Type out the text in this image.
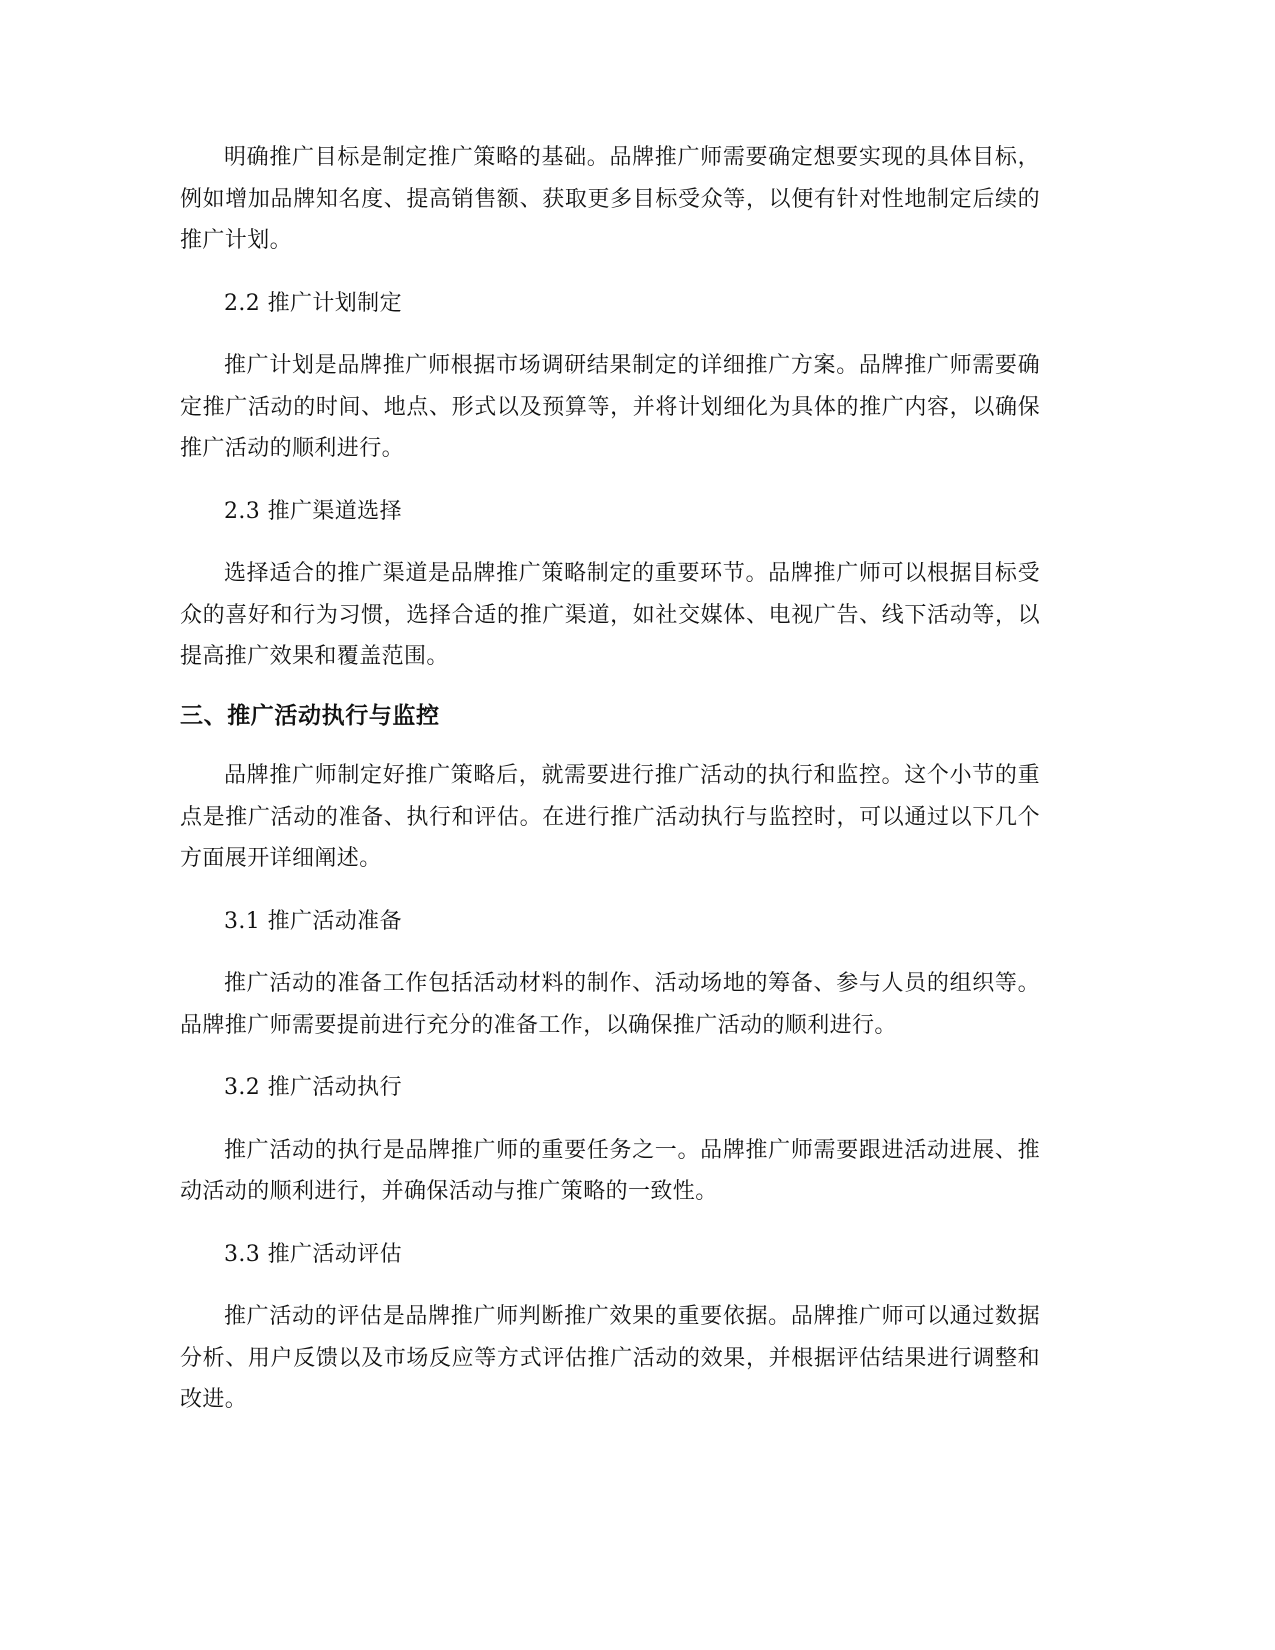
明确推广目标是制定推广策略的基础。品牌推广师需要确定想要实现的具体目标，例如增加品牌知名度、提高销售额、获取更多目标受众等，以便有针对性地制定后续的推广计划。

2.2 推广计划制定

推广计划是品牌推广师根据市场调研结果制定的详细推广方案。品牌推广师需要确定推广活动的时间、地点、形式以及预算等，并将计划细化为具体的推广内容，以确保推广活动的顺利进行。

2.3 推广渠道选择

选择适合的推广渠道是品牌推广策略制定的重要环节。品牌推广师可以根据目标受众的喜好和行为习惯，选择合适的推广渠道，如社交媒体、电视广告、线下活动等，以提高推广效果和覆盖范围。

三、推广活动执行与监控

品牌推广师制定好推广策略后，就需要进行推广活动的执行和监控。这个小节的重点是推广活动的准备、执行和评估。在进行推广活动执行与监控时，可以通过以下几个方面展开详细阐述。

3.1 推广活动准备

推广活动的准备工作包括活动材料的制作、活动场地的筹备、参与人员的组织等。品牌推广师需要提前进行充分的准备工作，以确保推广活动的顺利进行。

3.2 推广活动执行

推广活动的执行是品牌推广师的重要任务之一。品牌推广师需要跟进活动进展、推动活动的顺利进行，并确保活动与推广策略的一致性。

3.3 推广活动评估

推广活动的评估是品牌推广师判断推广效果的重要依据。品牌推广师可以通过数据分析、用户反馈以及市场反应等方式评估推广活动的效果，并根据评估结果进行调整和改进。
